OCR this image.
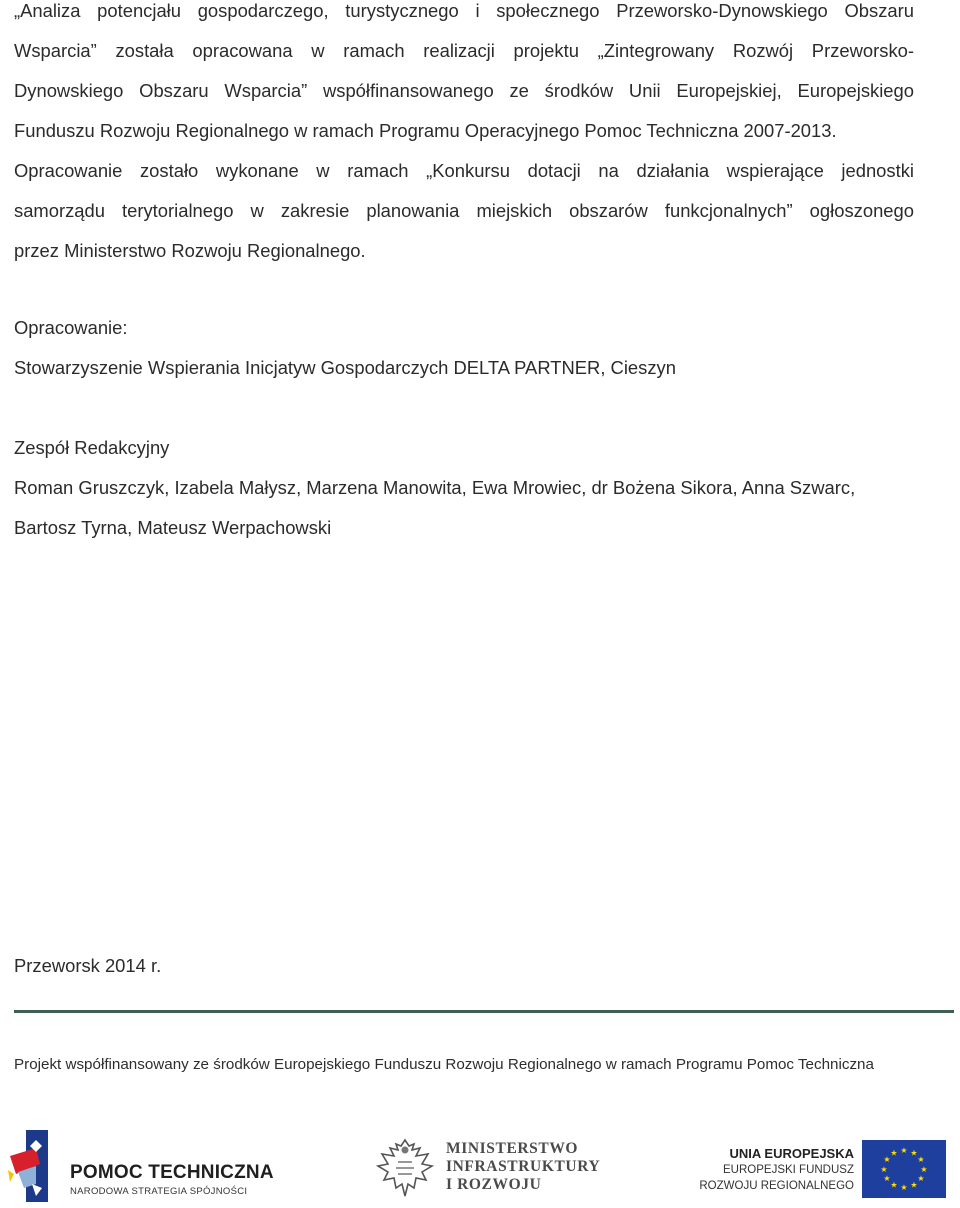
„Analiza potencjału gospodarczego, turystycznego i społecznego Przeworsko-Dynowskiego Obszaru
Wsparcia” została opracowana w ramach realizacji projektu „Zintegrowany Rozwój Przeworsko-
Dynowskiego Obszaru Wsparcia” współfinansowanego ze środków Unii Europejskiej, Europejskiego
Funduszu Rozwoju Regionalnego w ramach Programu Operacyjnego Pomoc Techniczna 2007-2013.
Opracowanie zostało wykonane w ramach „Konkursu dotacji na działania wspierające jednostki
samorządu terytorialnego w zakresie planowania miejskich obszarów funkcjonalnych” ogłoszonego
przez Ministerstwo Rozwoju Regionalnego.
Opracowanie:
Stowarzyszenie Wspierania Inicjatyw Gospodarczych DELTA PARTNER, Cieszyn
Zespół Redakcyjny
Roman Gruszczyk, Izabela Małysz, Marzena Manowita, Ewa Mrowiec, dr Bożena Sikora, Anna Szwarc,
Bartosz Tyrna, Mateusz Werpachowski
Przeworsk 2014 r.
Projekt współfinansowany ze środków Europejskiego Funduszu Rozwoju Regionalnego w ramach Programu Pomoc Techniczna
POMOC TECHNICZNA
NARODOWA STRATEGIA SPÓJNOŚCI
MINISTERSTWO
INFRASTRUKTURY
I ROZWOJU
UNIA EUROPEJSKA
EUROPEJSKI FUNDUSZ
ROZWOJU REGIONALNEGO
★ ★
★
★
★
★
★
★
★
★
★
★
